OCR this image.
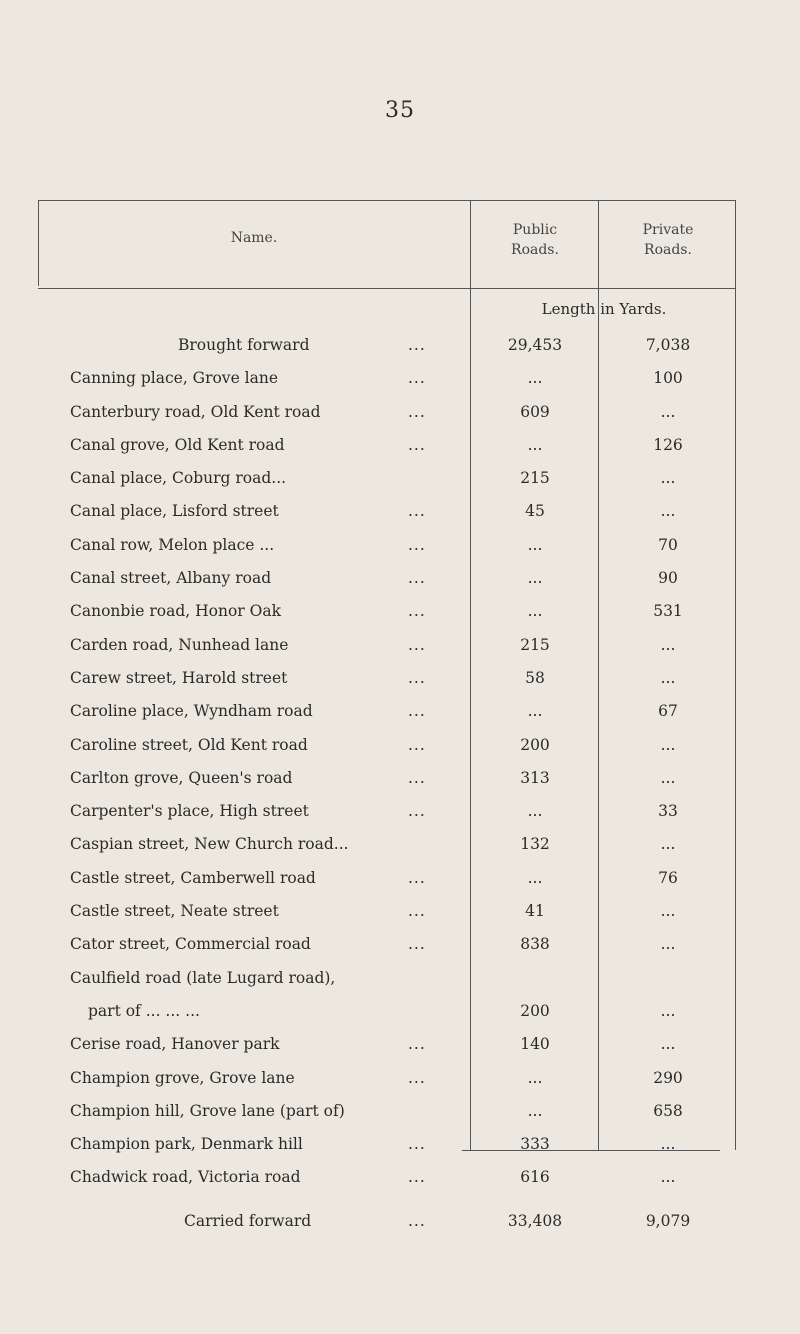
35
Name.	Public
Roads.
Private
Roads.
Length in Yards.
Brought forward	...	29,453	7,038
Canning place, Grove lane	...	...	100
Canterbury road, Old Kent road	...	609	...
Canal grove, Old Kent road	...	...	126
Canal place, Coburg road...	215	...
Canal place, Lisford street	...	45	...
Canal row, Melon place ...	...	...	70
Canal street, Albany road	...	...	90
Canonbie road, Honor Oak	...	...	531
Carden road, Nunhead lane	...	215	...
Carew street, Harold street	...	58	...
Caroline place, Wyndham road	...	...	67
Caroline street, Old Kent road	...	200	...
Carlton grove, Queen's road	...	313	...
Carpenter's place, High street	...	...	33
Caspian street, New Church road...	132	...
Castle street, Camberwell road	...	...	76
Castle street, Neate street	...	41	...
Cator street, Commercial road	...	838	...
Caulfield road (late Lugard road),
part of ... ... ...	200	...
Cerise road, Hanover park	...	140	...
Champion grove, Grove lane	...	...	290
Champion hill, Grove lane (part of)	...	658
Champion park, Denmark hill	...	333	...
Chadwick road, Victoria road	...	616	...
Carried forward	...	33,408	9,079
